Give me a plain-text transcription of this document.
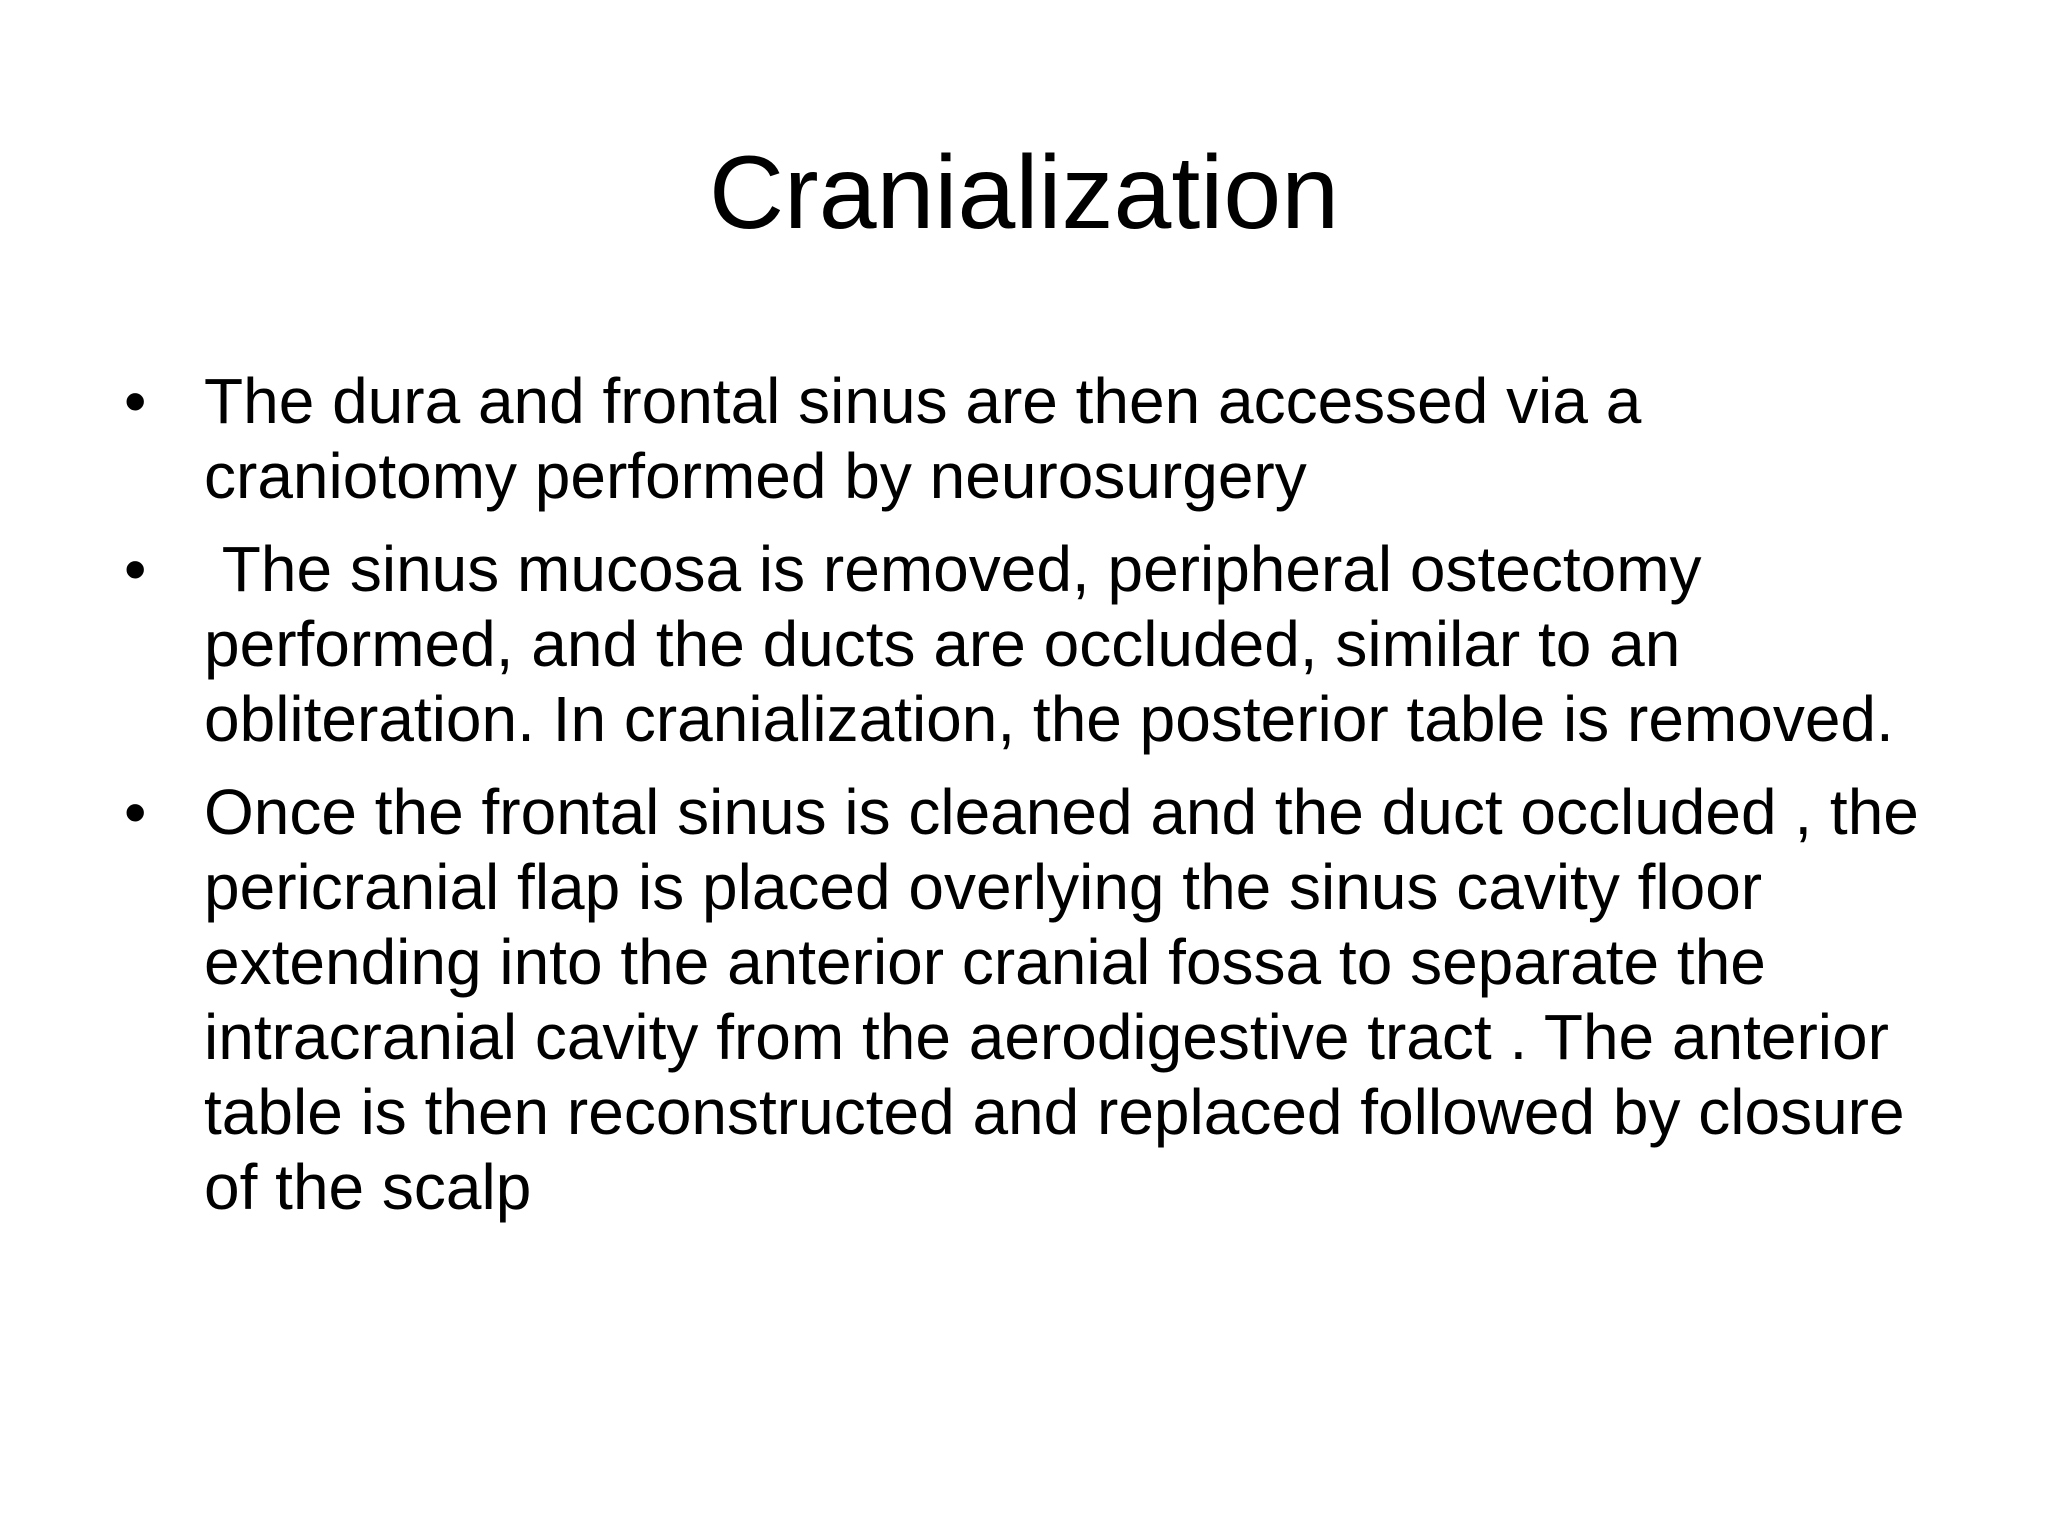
Cranialization
• The dura and frontal sinus are then accessed via a craniotomy performed by neurosurgery
• The sinus mucosa is removed, peripheral ostectomy performed, and the ducts are occluded, similar to an obliteration. In cranialization, the posterior table is removed.
• Once the frontal sinus is cleaned and the duct occluded , the pericranial flap is placed overlying the sinus cavity floor extending into the anterior cranial fossa to separate the intracranial cavity from the aerodigestive tract . The anterior table is then reconstructed and replaced followed by closure of the scalp
